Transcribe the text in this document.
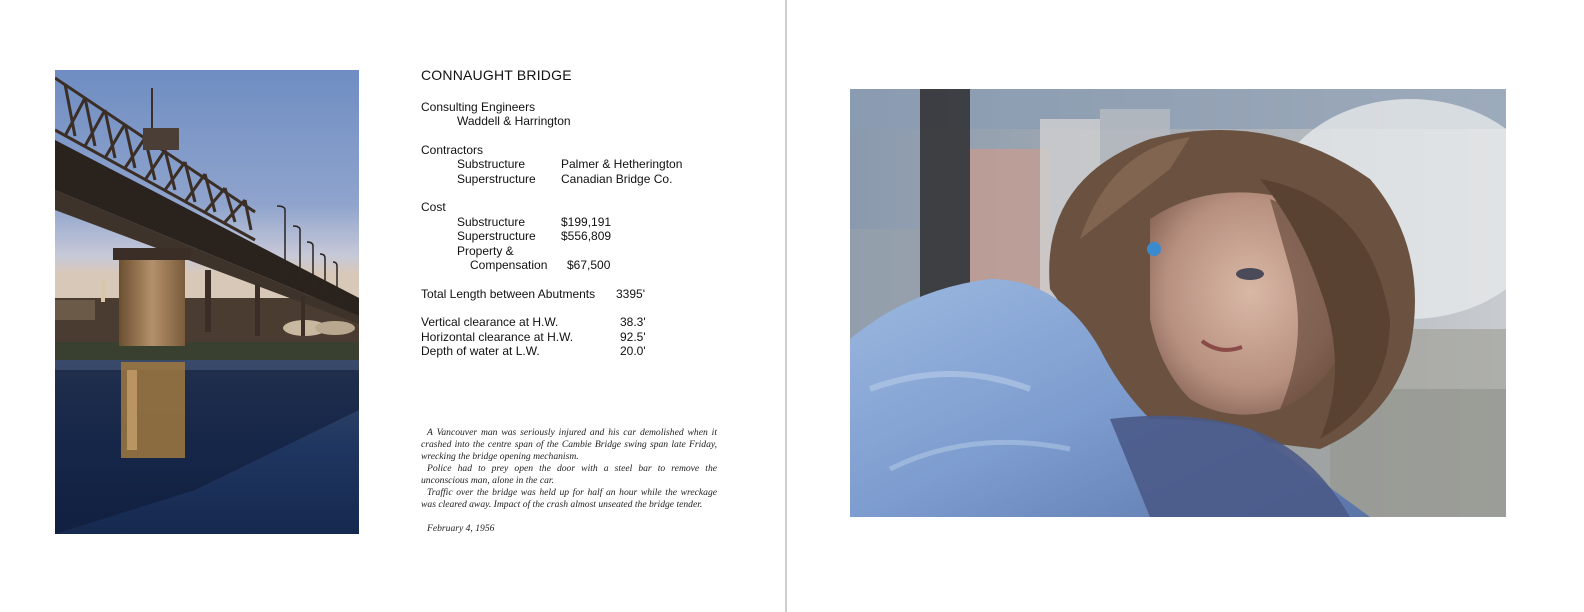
CONNAUGHT BRIDGE
Consulting Engineers
Waddell & Harrington
Contractors
Substructure	Palmer & Hetherington
Superstructure Canadian Bridge Co.
Cost
Substructure	$199,191
Superstructure $556,809
Property &
Compensation $67,500
Total Length between Abutments 3395'
Vertical clearance at H.W.	38.3'
Horizontal clearance at H.W.	92.5'
Depth of water at L.W.	20.0'

A Vancouver man was seriously injured and his car demolished when it crashed into the centre span of the Cambie Bridge swing span late Friday, wrecking the bridge opening mechanism.

Police had to prey open the door with a steel bar to remove the unconscious man, alone in the car.

Traffic over the bridge was held up for half an hour while the wreckage was cleared away. Impact of the crash almost unseated the bridge tender.

February 4, 1956
